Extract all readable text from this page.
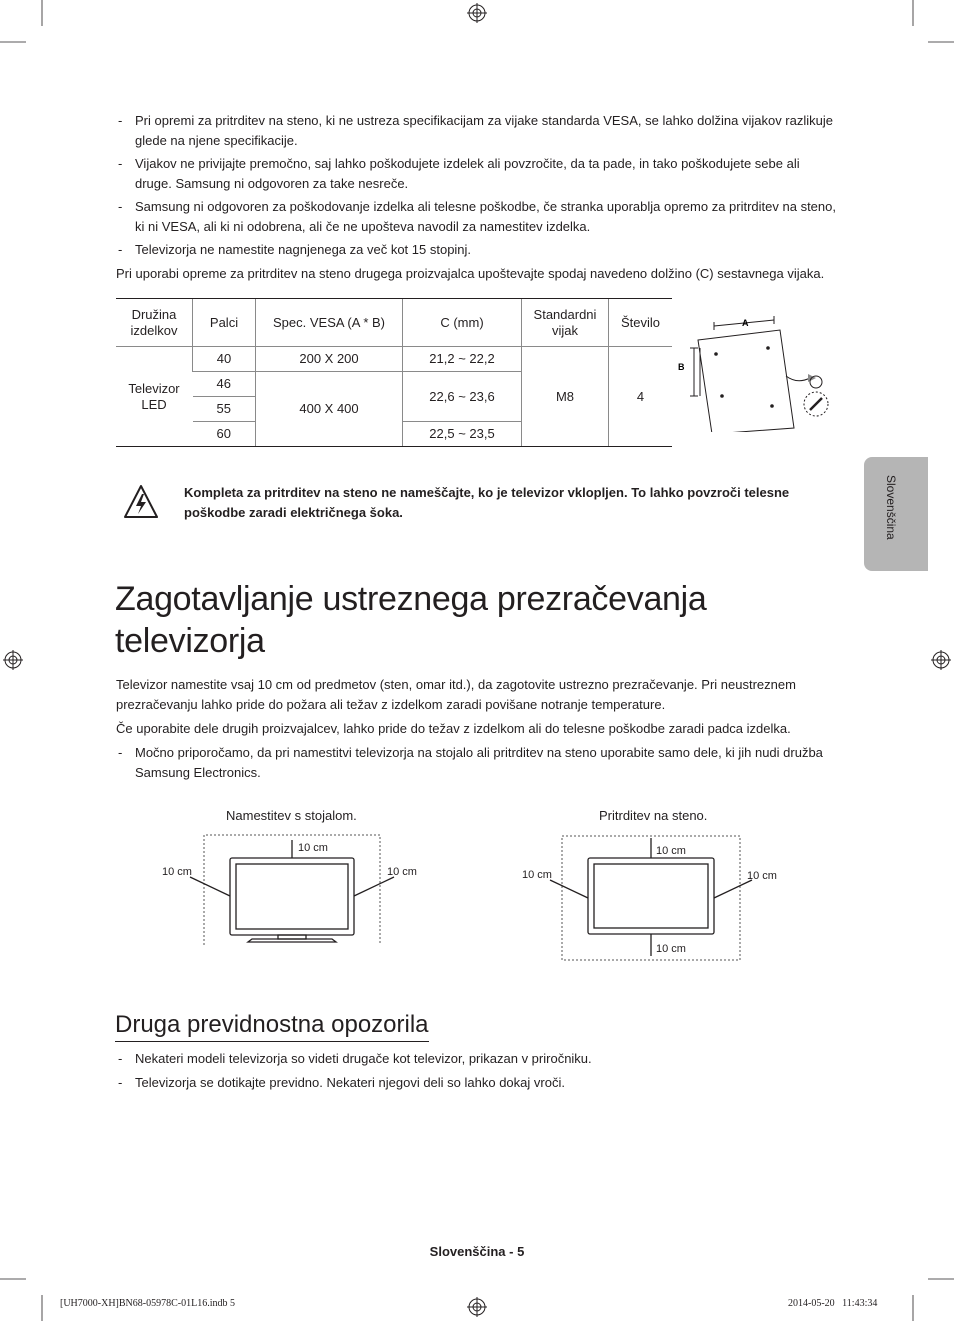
- Pri opremi za pritrditev na steno, ki ne ustreza specifikacijam za vijake standarda VESA, se lahko dolžina vijakov razlikuje glede na njene specifikacije.
- Vijakov ne privijajte premočno, saj lahko poškodujete izdelek ali povzročite, da ta pade, in tako poškodujete sebe ali druge. Samsung ni odgovoren za take nesreče.
- Samsung ni odgovoren za poškodovanje izdelka ali telesne poškodbe, če stranka uporablja opremo za pritrditev na steno, ki ni VESA, ali ki ni odobrena, ali če ne upošteva navodil za namestitev izdelka.
- Televizorja ne namestite nagnjenega za več kot 15 stopinj.
Pri uporabi opreme za pritrditev na steno drugega proizvajalca upoštevajte spodaj navedeno dolžino (C) sestavnega vijaka.
Družina izdelkov	Palci	Spec. VESA (A * B)	C (mm)	Standardni vijak	Število
Televizor LED	40	200 X 200	21,2 ~ 22,2	M8	4
	46	400 X 400	22,6 ~ 23,6		
	55				
	60		22,5 ~ 23,5		
A
B
Kompleta za pritrditev na steno ne nameščajte, ko je televizor vklopljen. To lahko povzroči telesne poškodbe zaradi električnega šoka.
Zagotavljanje ustreznega prezračevanja televizorja
Televizor namestite vsaj 10 cm od predmetov (sten, omar itd.), da zagotovite ustrezno prezračevanje. Pri neustreznem prezračevanju lahko pride do požara ali težav z izdelkom zaradi povišane notranje temperature.
Če uporabite dele drugih proizvajalcev, lahko pride do težav z izdelkom ali do telesne poškodbe zaradi padca izdelka.
- Močno priporočamo, da pri namestitvi televizorja na stojalo ali pritrditev na steno uporabite samo dele, ki jih nudi družba Samsung Electronics.
Namestitev s stojalom.	Pritrditev na steno.
10 cm
10 cm	10 cm
10 cm
10 cm
10 cm	10 cm
Druga previdnostna opozorila
- Nekateri modeli televizorja so videti drugače kot televizor, prikazan v priročniku.
- Televizorja se dotikajte previdno. Nekateri njegovi deli so lahko dokaj vroči.
Slovenščina
Slovenščina - 5
[UH7000-XH]BN68-05978C-01L16.indb 5	2014-05-20   11:43:34
